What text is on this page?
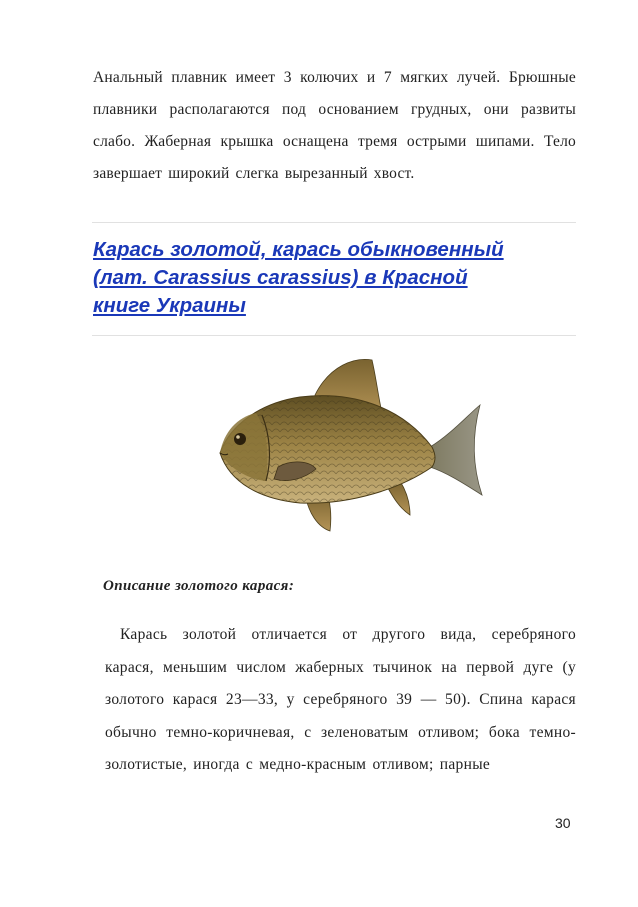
Анальный плавник имеет 3 колючих и 7 мягких лучей. Брюшные плавники располагаются под основанием грудных, они развиты слабо. Жаберная крышка оснащена тремя острыми шипами. Тело завершает широкий слегка вырезанный хвост.

Карась золотой, карась обыкновенный
(лат. Carassius carassius) в Красной
книге Украины
Описание золотого карася:

Карась золотой отличается от другого вида, серебряного карася, меньшим числом жаберных тычинок на первой дуге (у золотого карася 23—33, у серебряного 39 — 50). Спина карася обычно темно-коричневая, с зеленоватым отливом; бока темно-золотистые, иногда с медно-красным отливом; парные

30
